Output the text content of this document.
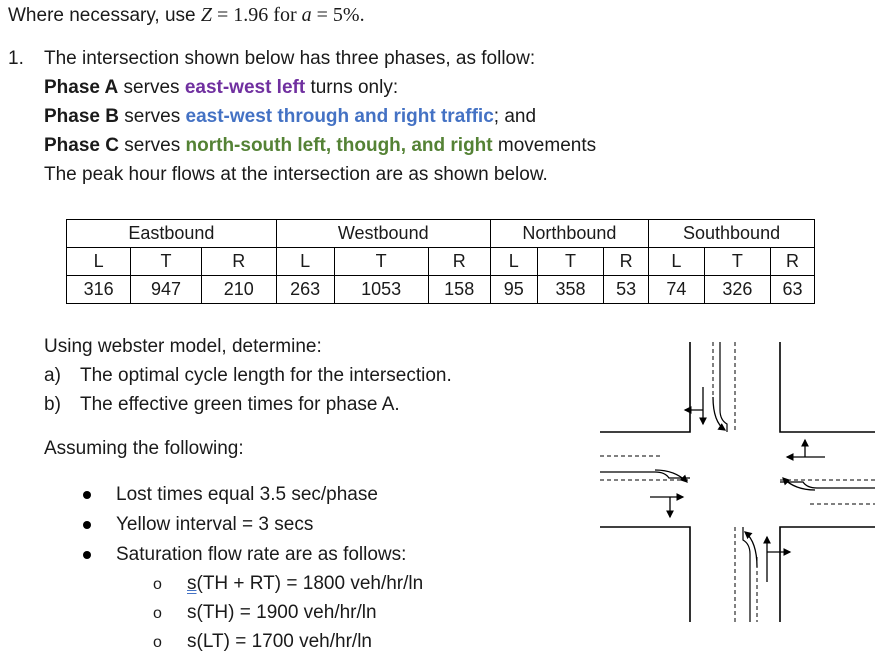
Where necessary, use Z = 1.96 for a = 5%.
1. The intersection shown below has three phases, as follow:
Phase A serves east-west left turns only:
Phase B serves east-west through and right traffic; and
Phase C serves north-south left, though, and right movements
The peak hour flows at the intersection are as shown below.
Eastbound			Westbound			Northbound			Southbound		
L	T	R	L	T	R	L	T	R	L	T	R
316	947	210	263	1053	158	95	358	53	74	326	63
Using webster model, determine:
a) The optimal cycle length for the intersection.
b) The effective green times for phase A.
Assuming the following:
Lost times equal 3.5 sec/phase
Yellow interval = 3 secs
Saturation flow rate are as follows:
o s(TH + RT) = 1800 veh/hr/ln
o s(TH) = 1900 veh/hr/ln
o s(LT) = 1700 veh/hr/ln
